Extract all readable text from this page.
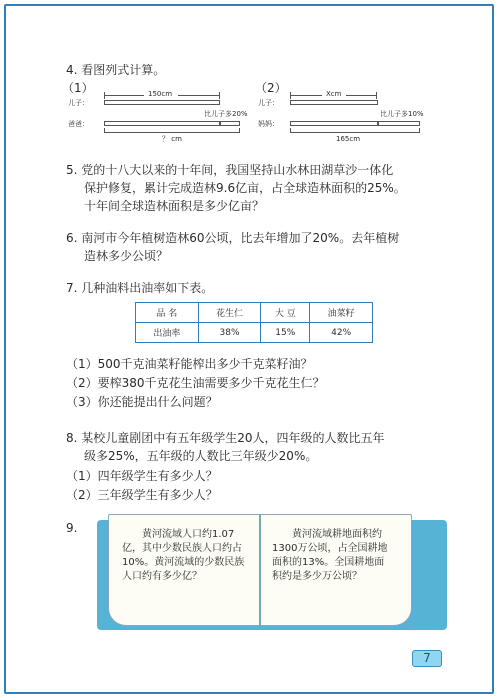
4. 看图列式计算。
（1）	（2）
150cm
儿子：
比儿子多20%
爸爸：
？ cm
Xcm
儿子：
比儿子多10%
妈妈：
165cm
5. 党的十八大以来的十年间，我国坚持山水林田湖草沙一体化
保护修复，累计完成造林9.6亿亩，占全球造林面积的25%。
十年间全球造林面积是多少亿亩？
6. 南河市今年植树造林60公顷，比去年增加了20%。去年植树
造林多少公顷？
7. 几种油料出油率如下表。
品 名	花生仁	大 豆	油菜籽
出油率	38%	15%	42%
（1）500千克油菜籽能榨出多少千克菜籽油？
（2）要榨380千克花生油需要多少千克花生仁？
（3）你还能提出什么问题？
8. 某校儿童剧团中有五年级学生20人，四年级的人数比五年
级多25%，五年级的人数比三年级少20%。
（1）四年级学生有多少人？
（2）三年级学生有多少人？
9.	黄河流域人口约1.07亿，其中少数民族人口约占10%。黄河流域的少数民族人口约有多少亿？
黄河流域耕地面积约1300万公顷，占全国耕地面积的13%。全国耕地面积约是多少万公顷？
7
